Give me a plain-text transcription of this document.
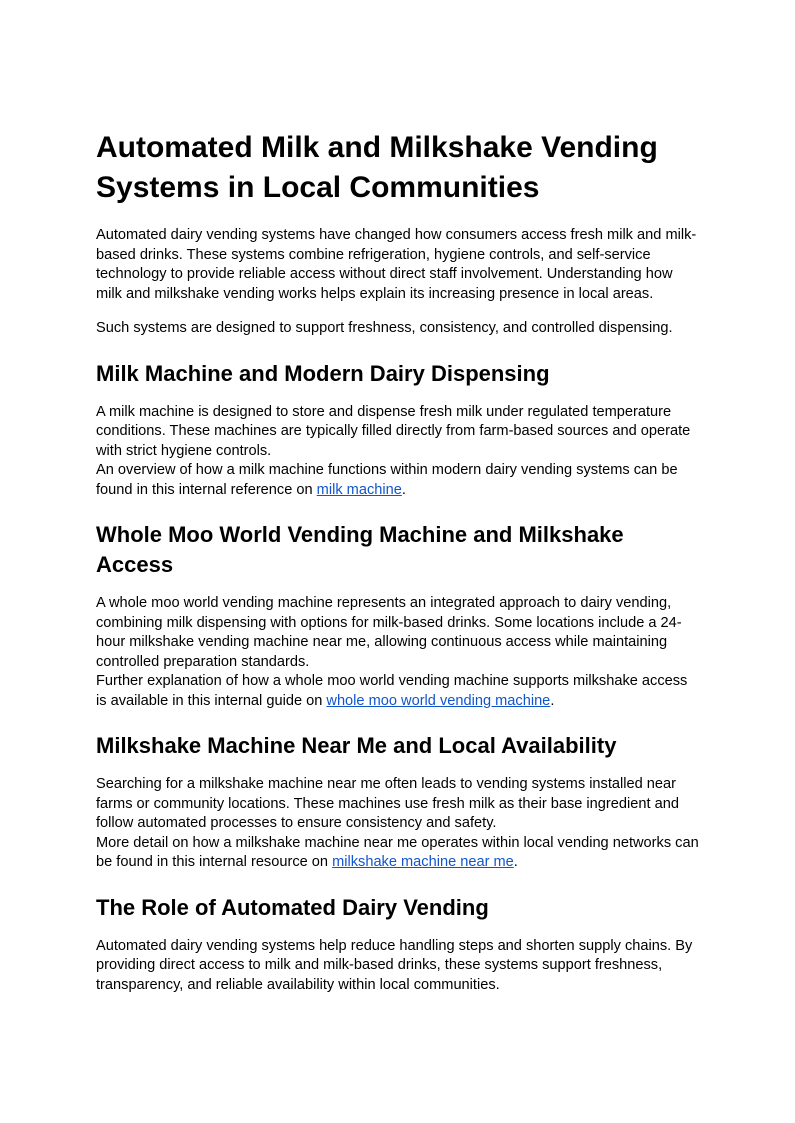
Automated Milk and Milkshake Vending Systems in Local Communities

Automated dairy vending systems have changed how consumers access fresh milk and milk-based drinks. These systems combine refrigeration, hygiene controls, and self-service technology to provide reliable access without direct staff involvement. Understanding how milk and milkshake vending works helps explain its increasing presence in local areas.

Such systems are designed to support freshness, consistency, and controlled dispensing.

Milk Machine and Modern Dairy Dispensing

A milk machine is designed to store and dispense fresh milk under regulated temperature conditions. These machines are typically filled directly from farm-based sources and operate with strict hygiene controls.

An overview of how a milk machine functions within modern dairy vending systems can be found in this internal reference on milk machine.

Whole Moo World Vending Machine and Milkshake Access

A whole moo world vending machine represents an integrated approach to dairy vending, combining milk dispensing with options for milk-based drinks. Some locations include a 24-hour milkshake vending machine near me, allowing continuous access while maintaining controlled preparation standards.

Further explanation of how a whole moo world vending machine supports milkshake access is available in this internal guide on whole moo world vending machine.

Milkshake Machine Near Me and Local Availability

Searching for a milkshake machine near me often leads to vending systems installed near farms or community locations. These machines use fresh milk as their base ingredient and follow automated processes to ensure consistency and safety.

More detail on how a milkshake machine near me operates within local vending networks can be found in this internal resource on milkshake machine near me.

The Role of Automated Dairy Vending

Automated dairy vending systems help reduce handling steps and shorten supply chains. By providing direct access to milk and milk-based drinks, these systems support freshness, transparency, and reliable availability within local communities.
